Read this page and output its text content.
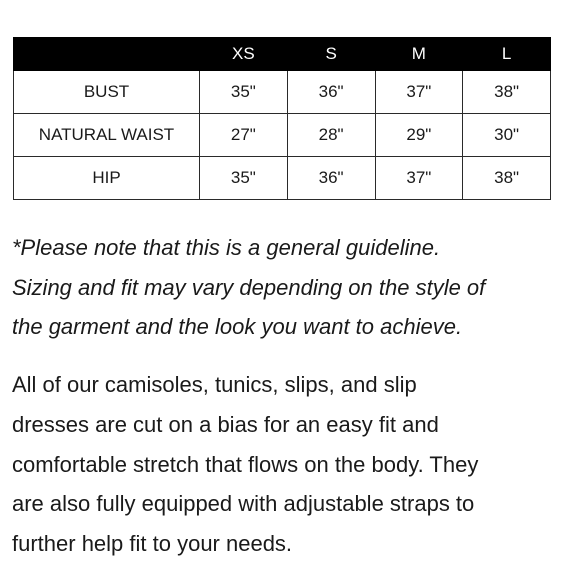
	XS	S	M	L
BUST	35"	36"	37"	38"
NATURAL WAIST	27"	28"	29"	30"
HIP	35"	36"	37"	38"

*Please note that this is a general guideline.
Sizing and fit may vary depending on the style of
the garment and the look you want to achieve.

All of our camisoles, tunics, slips, and slip
dresses are cut on a bias for an easy fit and
comfortable stretch that flows on the body. They
are also fully equipped with adjustable straps to
further help fit to your needs.
